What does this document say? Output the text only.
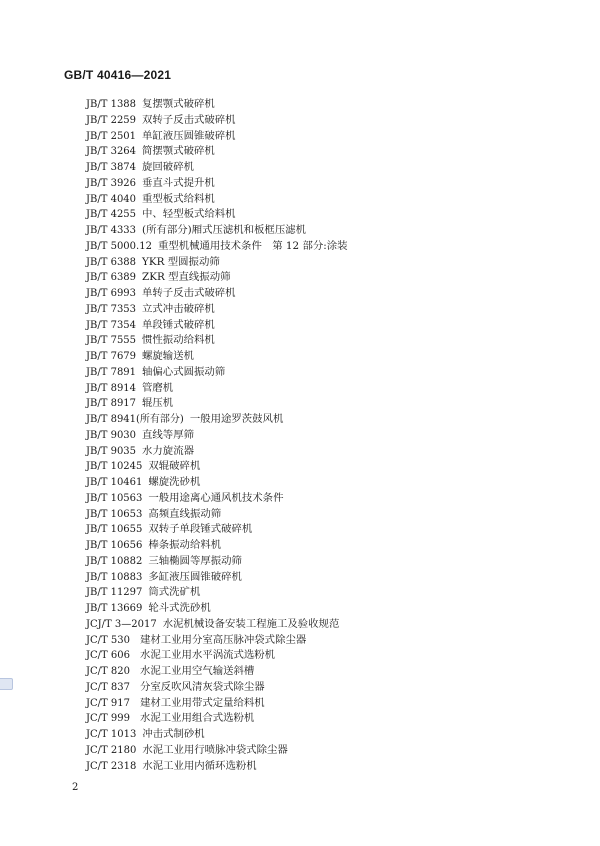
GB/T 40416—2021
JB/T 1388 复摆颚式破碎机
JB/T 2259 双转子反击式破碎机
JB/T 2501 单缸液压圆锥破碎机
JB/T 3264 简摆颚式破碎机
JB/T 3874 旋回破碎机
JB/T 3926 垂直斗式提升机
JB/T 4040 重型板式给料机
JB/T 4255 中、轻型板式给料机
JB/T 4333 (所有部分)厢式压滤机和板框压滤机
JB/T 5000.12 重型机械通用技术条件　第 12 部分:涂装
JB/T 6388 YKR 型圆振动筛
JB/T 6389 ZKR 型直线振动筛
JB/T 6993 单转子反击式破碎机
JB/T 7353 立式冲击破碎机
JB/T 7354 单段锤式破碎机
JB/T 7555 惯性振动给料机
JB/T 7679 螺旋输送机
JB/T 7891 轴偏心式圆振动筛
JB/T 8914 管磨机
JB/T 8917 辊压机
JB/T 8941(所有部分) 一般用途罗茨鼓风机
JB/T 9030 直线等厚筛
JB/T 9035 水力旋流器
JB/T 10245 双辊破碎机
JB/T 10461 螺旋洗砂机
JB/T 10563 一般用途离心通风机技术条件
JB/T 10653 高频直线振动筛
JB/T 10655 双转子单段锤式破碎机
JB/T 10656 棒条振动给料机
JB/T 10882 三轴椭圆等厚振动筛
JB/T 10883 多缸液压圆锥破碎机
JB/T 11297 筒式洗矿机
JB/T 13669 轮斗式洗砂机
JCJ/T 3—2017 水泥机械设备安装工程施工及验收规范
JC/T 530 建材工业用分室高压脉冲袋式除尘器
JC/T 606 水泥工业用水平涡流式选粉机
JC/T 820 水泥工业用空气输送斜槽
JC/T 837 分室反吹风清灰袋式除尘器
JC/T 917 建材工业用带式定量给料机
JC/T 999 水泥工业用组合式选粉机
JC/T 1013 冲击式制砂机
JC/T 2180 水泥工业用行喷脉冲袋式除尘器
JC/T 2318 水泥工业用内循环选粉机
2
